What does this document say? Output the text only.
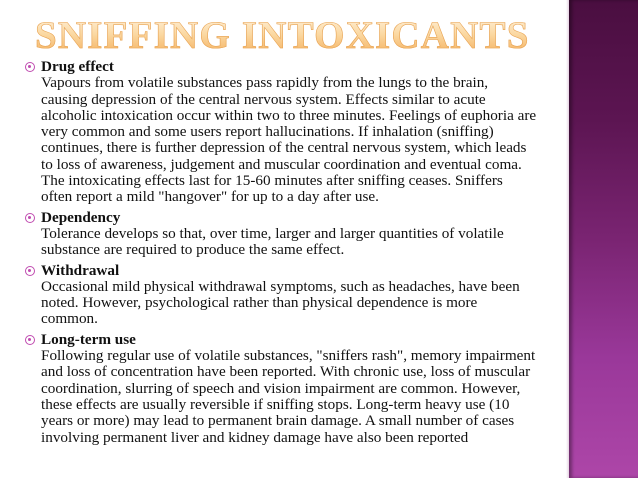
SNIFFING INTOXICANTS
Drug effect
Vapours from volatile substances pass rapidly from the lungs to the brain,
causing depression of the central nervous system. Effects similar to acute
alcoholic intoxication occur within two to three minutes. Feelings of euphoria are
very common and some users report hallucinations. If inhalation (sniffing)
continues, there is further depression of the central nervous system, which leads
to loss of awareness, judgement and muscular coordination and eventual coma.
The intoxicating effects last for 15-60 minutes after sniffing ceases. Sniffers
often report a mild "hangover" for up to a day after use.
Dependency
Tolerance develops so that, over time, larger and larger quantities of volatile
substance are required to produce the same effect.
Withdrawal
Occasional mild physical withdrawal symptoms, such as headaches, have been
noted. However, psychological rather than physical dependence is more
common.
Long-term use
Following regular use of volatile substances, "sniffers rash", memory impairment
and loss of concentration have been reported. With chronic use, loss of muscular
coordination, slurring of speech and vision impairment are common. However,
these effects are usually reversible if sniffing stops. Long-term heavy use (10
years or more) may lead to permanent brain damage. A small number of cases
involving permanent liver and kidney damage have also been reported
